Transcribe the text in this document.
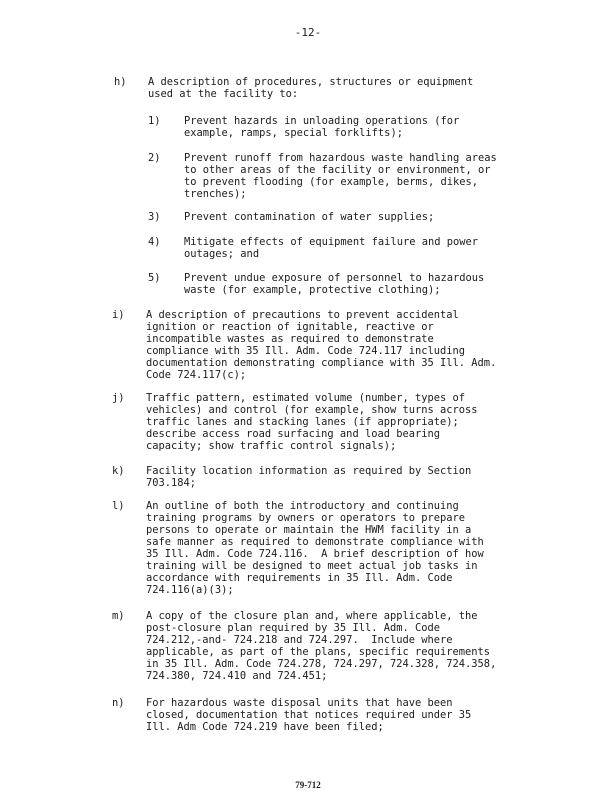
-12-
h) A description of procedures, structures or equipment
used at the facility to:
1) Prevent hazards in unloading operations (for
example, ramps, special forklifts);
2) Prevent runoff from hazardous waste handling areas
to other areas of the facility or environment, or
to prevent flooding (for example, berms, dikes,
trenches);
3) Prevent contamination of water supplies;
4) Mitigate effects of equipment failure and power
outages; and
5) Prevent undue exposure of personnel to hazardous
waste (for example, protective clothing);
i) A description of precautions to prevent accidental
ignition or reaction of ignitable, reactive or
incompatible wastes as required to demonstrate
compliance with 35 Ill. Adm. Code 724.117 including
documentation demonstrating compliance with 35 Ill. Adm.
Code 724.117(c);
j) Traffic pattern, estimated volume (number, types of
vehicles) and control (for example, show turns across
traffic lanes and stacking lanes (if appropriate);
describe access road surfacing and load bearing
capacity; show traffic control signals);
k) Facility location information as required by Section
703.184;
l) An outline of both the introductory and continuing
training programs by owners or operators to prepare
persons to operate or maintain the HWM facility in a
safe manner as required to demonstrate compliance with
35 Ill. Adm. Code 724.116.  A brief description of how
training will be designed to meet actual job tasks in
accordance with requirements in 35 Ill. Adm. Code
724.116(a)(3);
m) A copy of the closure plan and, where applicable, the
post-closure plan required by 35 Ill. Adm. Code
724.212,-and- 724.218 and 724.297.  Include where
applicable, as part of the plans, specific requirements
in 35 Ill. Adm. Code 724.278, 724.297, 724.328, 724.358,
724.380, 724.410 and 724.451;
n) For hazardous waste disposal units that have been
closed, documentation that notices required under 35
Ill. Adm Code 724.219 have been filed;
79-712
